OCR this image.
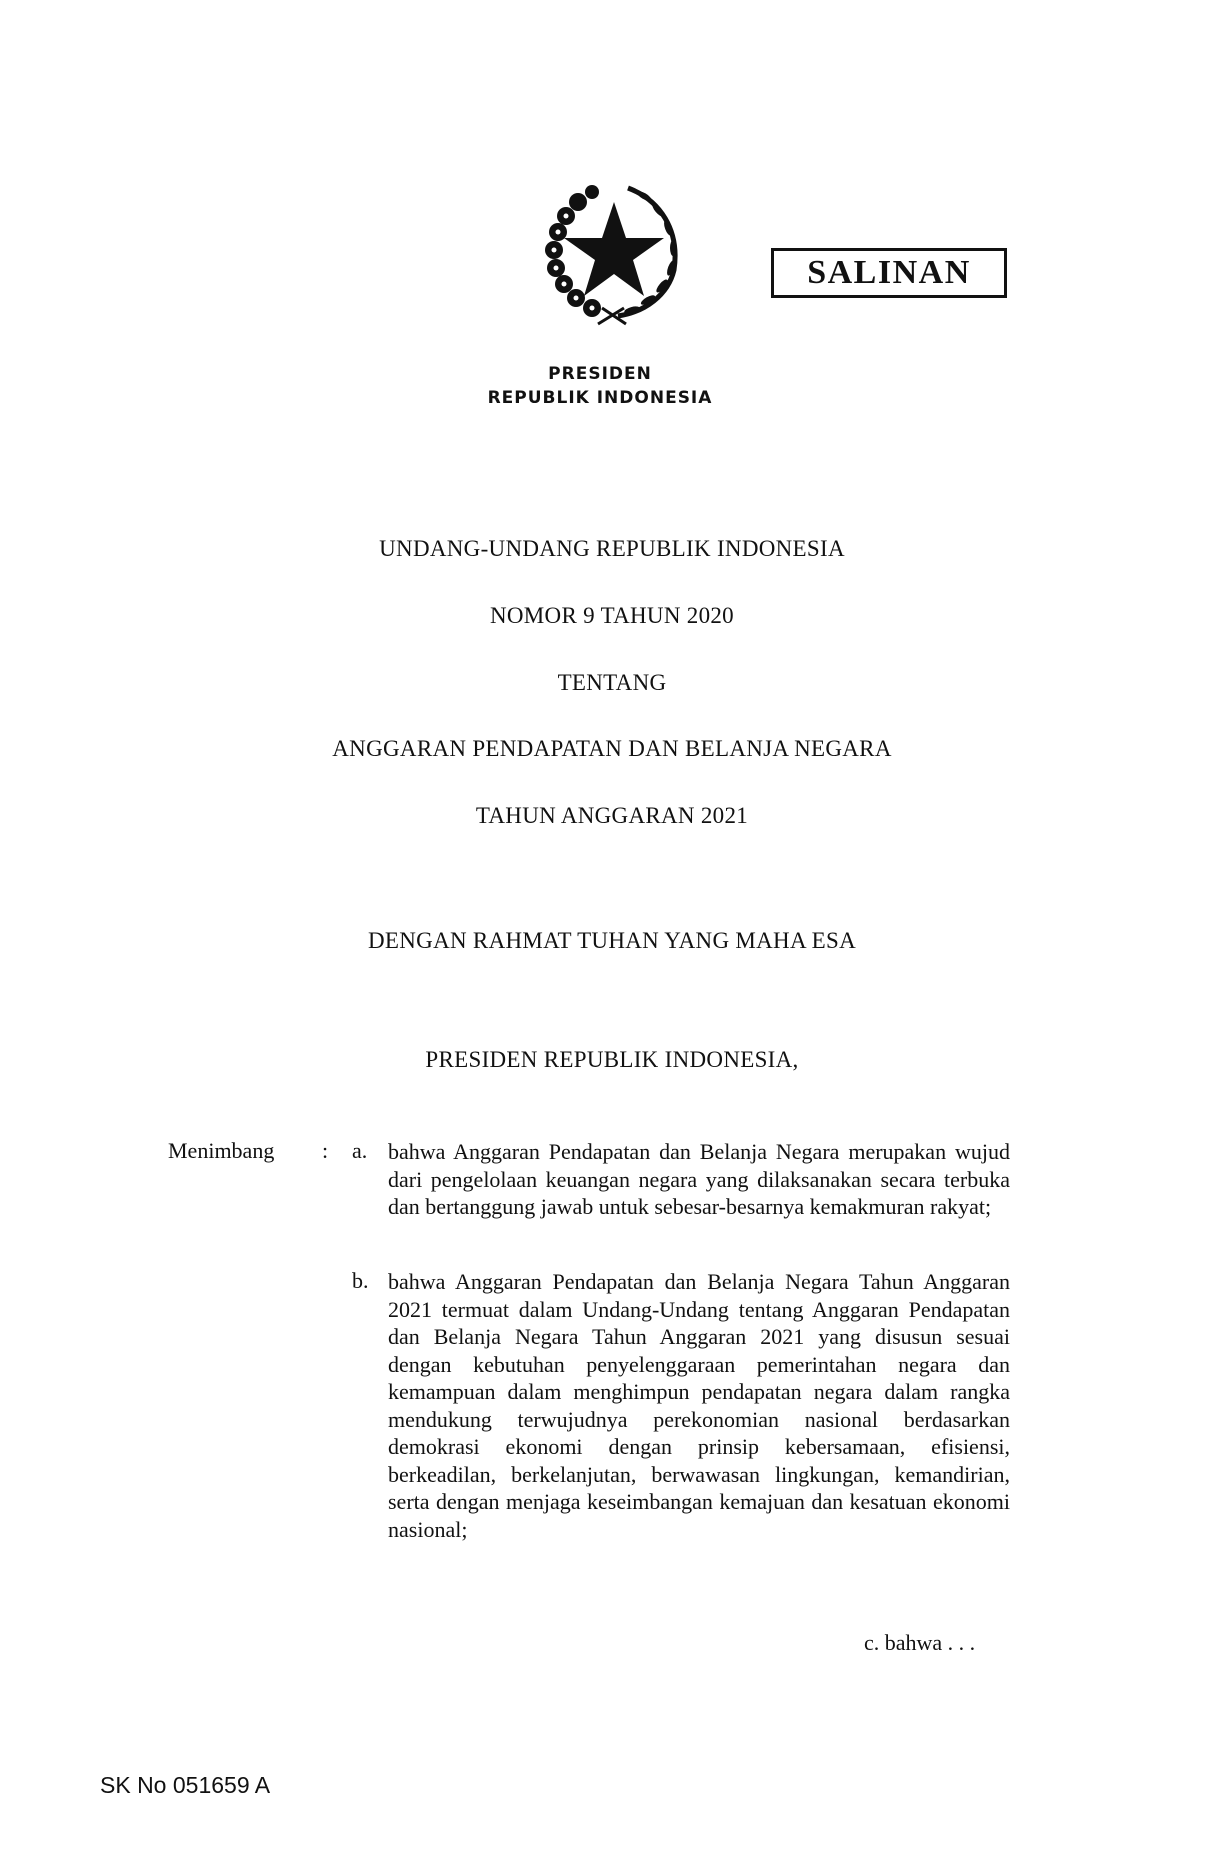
PRESIDEN
REPUBLIK INDONESIA
SALINAN
UNDANG-UNDANG REPUBLIK INDONESIA
NOMOR 9 TAHUN 2020
TENTANG
ANGGARAN PENDAPATAN DAN BELANJA NEGARA
TAHUN ANGGARAN 2021
DENGAN RAHMAT TUHAN YANG MAHA ESA
PRESIDEN REPUBLIK INDONESIA,
Menimbang : a. bahwa Anggaran Pendapatan dan Belanja Negara merupakan wujud dari pengelolaan keuangan negara yang dilaksanakan secara terbuka dan bertanggung jawab untuk sebesar-besarnya kemakmuran rakyat;
b. bahwa Anggaran Pendapatan dan Belanja Negara Tahun Anggaran 2021 termuat dalam Undang-Undang tentang Anggaran Pendapatan dan Belanja Negara Tahun Anggaran 2021 yang disusun sesuai dengan kebutuhan penyelenggaraan pemerintahan negara dan kemampuan dalam menghimpun pendapatan negara dalam rangka mendukung terwujudnya perekonomian nasional berdasarkan demokrasi ekonomi dengan prinsip kebersamaan, efisiensi, berkeadilan, berkelanjutan, berwawasan lingkungan, kemandirian, serta dengan menjaga keseimbangan kemajuan dan kesatuan ekonomi nasional;
c. bahwa . . .
SK No 051659 A
